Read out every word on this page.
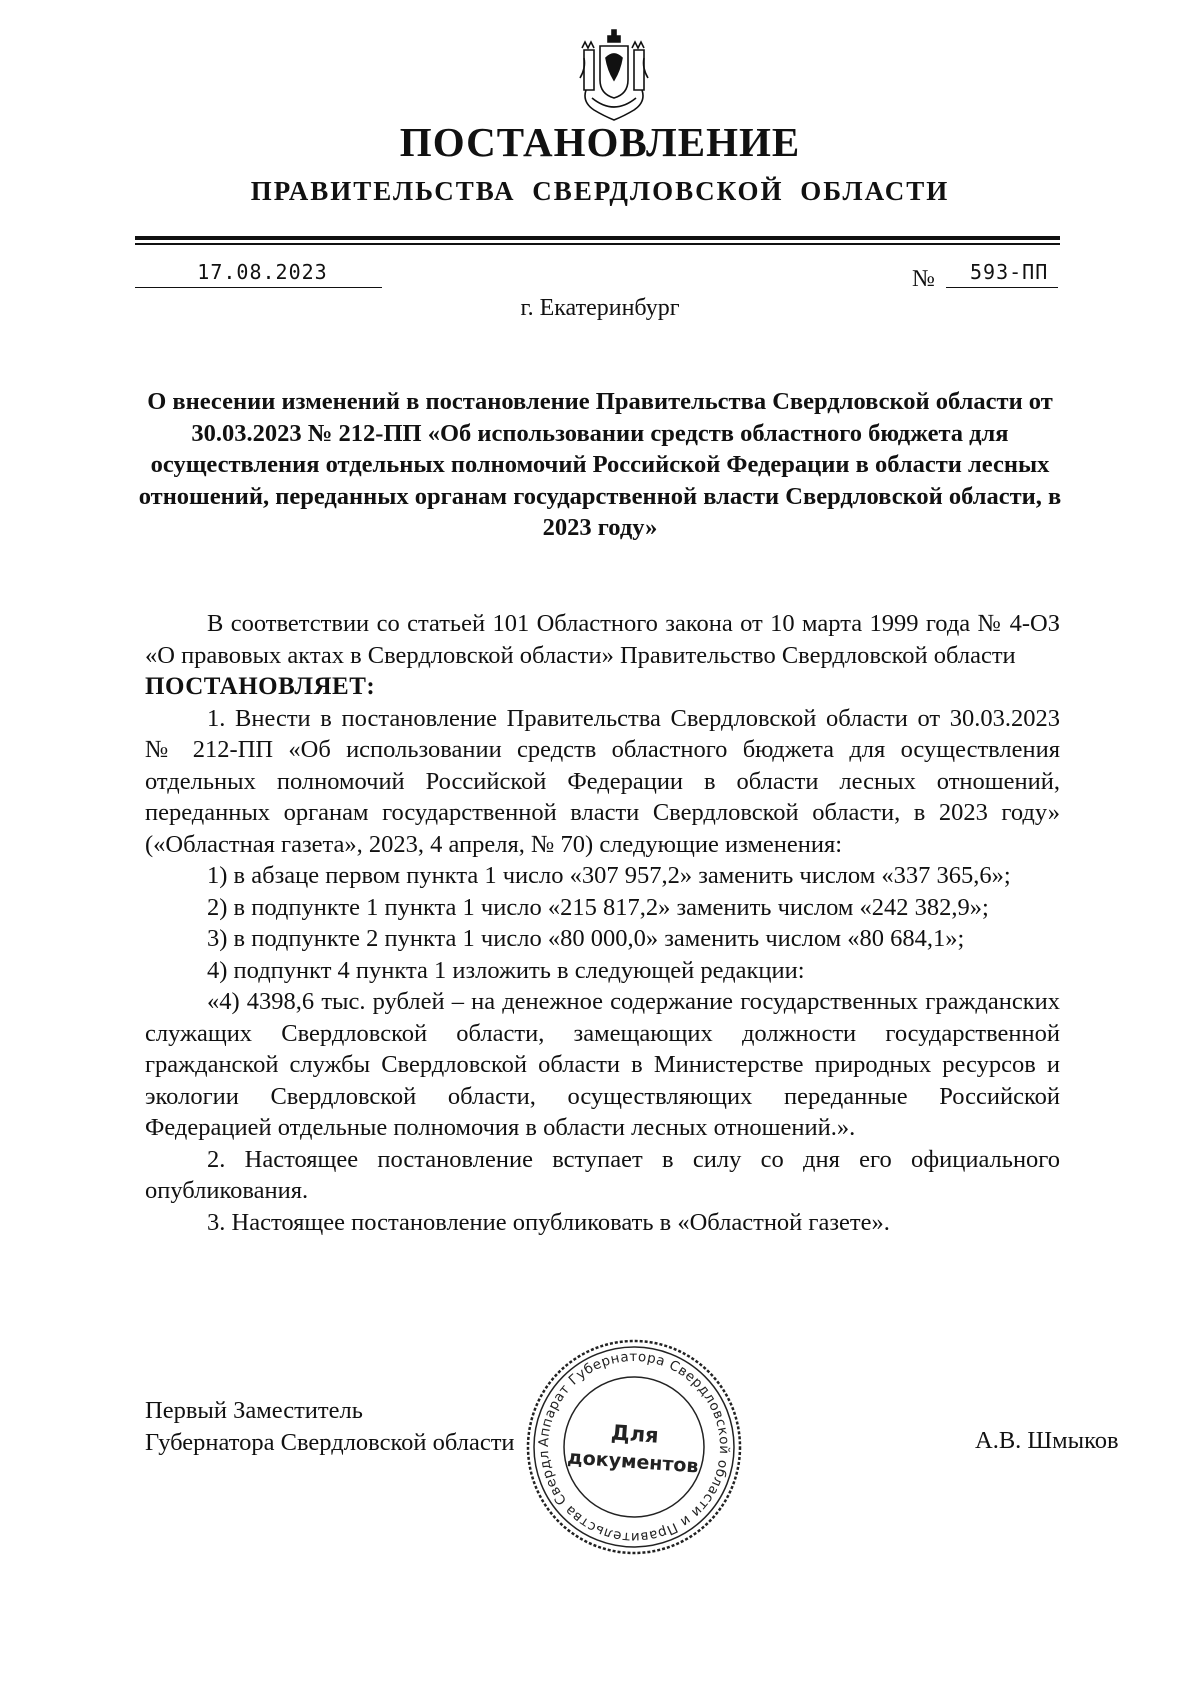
ПОСТАНОВЛЕНИЕ
ПРАВИТЕЛЬСТВА СВЕРДЛОВСКОЙ ОБЛАСТИ
17.08.2023	№	593-ПП
г. Екатеринбург
О внесении изменений в постановление Правительства Свердловской области от 30.03.2023 № 212-ПП «Об использовании средств областного бюджета для осуществления отдельных полномочий Российской Федерации в области лесных отношений, переданных органам государственной власти Свердловской области, в 2023 году»

В соответствии со статьей 101 Областного закона от 10 марта 1999 года № 4-ОЗ «О правовых актах в Свердловской области» Правительство Свердловской области

ПОСТАНОВЛЯЕТ:

1. Внести в постановление Правительства Свердловской области от 30.03.2023 № 212-ПП «Об использовании средств областного бюджета для осуществления отдельных полномочий Российской Федерации в области лесных отношений, переданных органам государственной власти Свердловской области, в 2023 году» («Областная газета», 2023, 4 апреля, № 70) следующие изменения:

1) в абзаце первом пункта 1 число «307 957,2» заменить числом «337 365,6»;

2) в подпункте 1 пункта 1 число «215 817,2» заменить числом «242 382,9»;

3) в подпункте 2 пункта 1 число «80 000,0» заменить числом «80 684,1»;

4) подпункт 4 пункта 1 изложить в следующей редакции:

«4) 4398,6 тыс. рублей – на денежное содержание государственных гражданских служащих Свердловской области, замещающих должности государственной гражданской службы Свердловской области в Министерстве природных ресурсов и экологии Свердловской области, осуществляющих переданные Российской Федерацией отдельные полномочия в области лесных отношений.».

2. Настоящее постановление вступает в силу со дня его официального опубликования.

3. Настоящее постановление опубликовать в «Областной газете».

Первый Заместитель
Губернатора Свердловской области	А.В. Шмыков
Аппарат Губернатора Свердловской области и Правительства Свердл
Для
документов
